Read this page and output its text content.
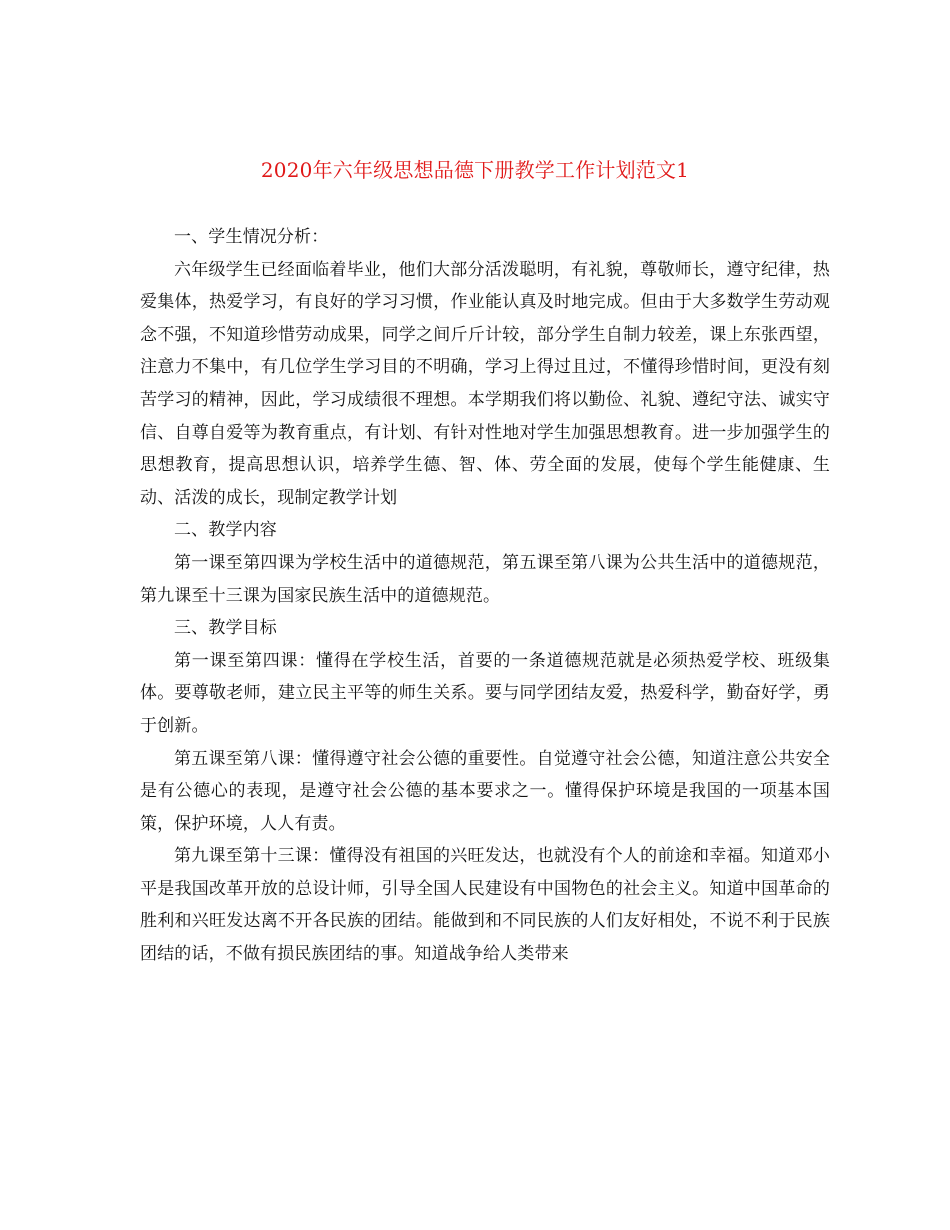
2020年六年级思想品德下册教学工作计划范文1

一、学生情况分析：

六年级学生已经面临着毕业，他们大部分活泼聪明，有礼貌，尊敬师长，遵守纪律，热爱集体，热爱学习，有良好的学习习惯，作业能认真及时地完成。但由于大多数学生劳动观念不强，不知道珍惜劳动成果，同学之间斤斤计较，部分学生自制力较差，课上东张西望，注意力不集中，有几位学生学习目的不明确，学习上得过且过，不懂得珍惜时间，更没有刻苦学习的精神，因此，学习成绩很不理想。本学期我们将以勤俭、礼貌、遵纪守法、诚实守信、自尊自爱等为教育重点，有计划、有针对性地对学生加强思想教育。进一步加强学生的思想教育，提高思想认识，培养学生德、智、体、劳全面的发展，使每个学生能健康、生动、活泼的成长，现制定教学计划

二、教学内容

第一课至第四课为学校生活中的道德规范，第五课至第八课为公共生活中的道德规范，第九课至十三课为国家民族生活中的道德规范。

三、教学目标

第一课至第四课：懂得在学校生活，首要的一条道德规范就是必须热爱学校、班级集体。要尊敬老师，建立民主平等的师生关系。要与同学团结友爱，热爱科学，勤奋好学，勇于创新。

第五课至第八课：懂得遵守社会公德的重要性。自觉遵守社会公德，知道注意公共安全是有公德心的表现，是遵守社会公德的基本要求之一。懂得保护环境是我国的一项基本国策，保护环境，人人有责。

第九课至第十三课：懂得没有祖国的兴旺发达，也就没有个人的前途和幸福。知道邓小平是我国改革开放的总设计师，引导全国人民建设有中国物色的社会主义。知道中国革命的胜利和兴旺发达离不开各民族的团结。能做到和不同民族的人们友好相处，不说不利于民族团结的话，不做有损民族团结的事。知道战争给人类带来
